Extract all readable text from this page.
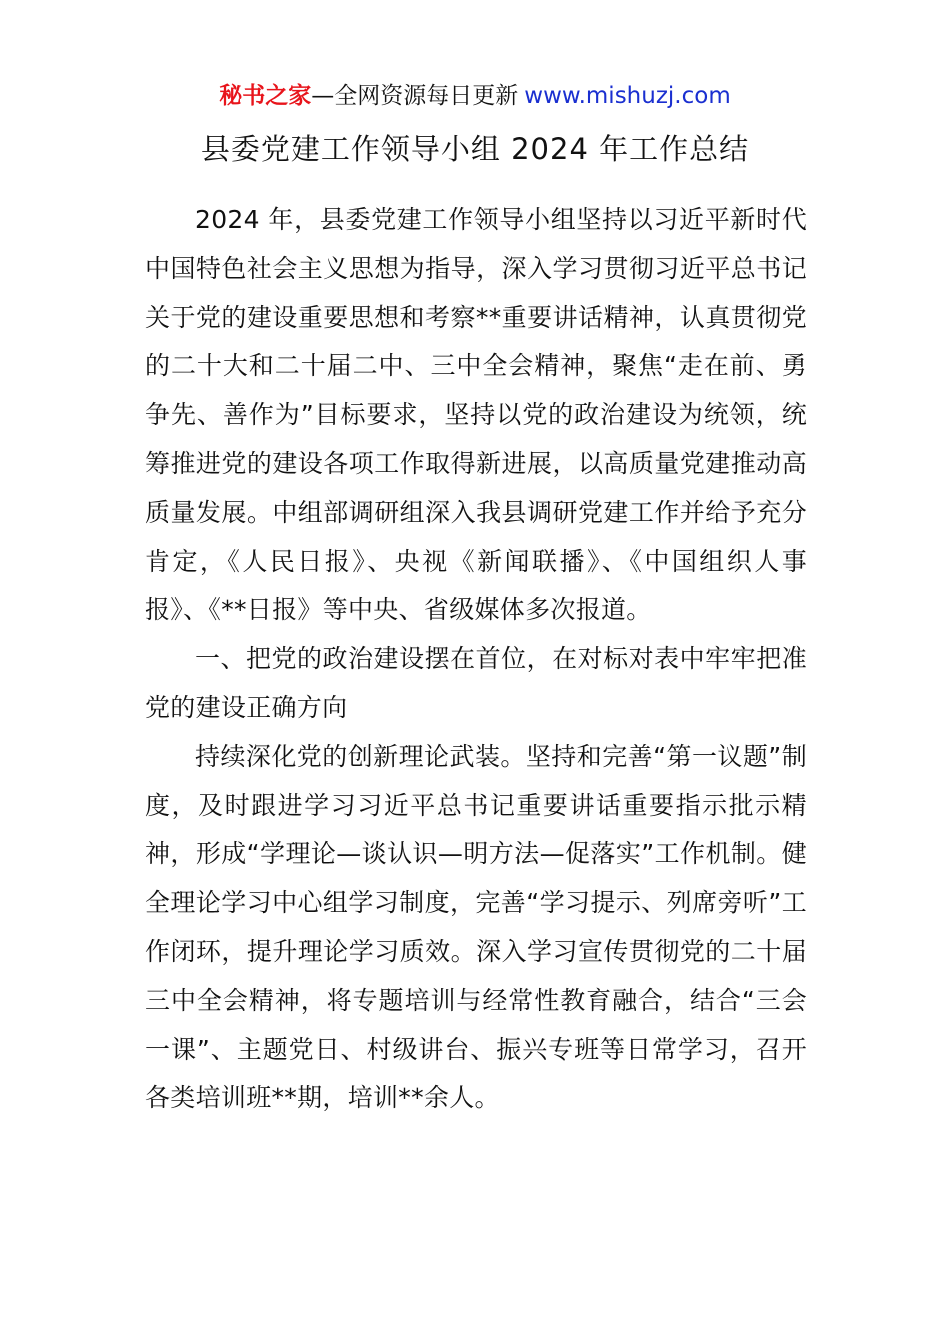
秘书之家—全网资源每日更新 www.mishuzj.com
县委党建工作领导小组 2024 年工作总结

2024 年，县委党建工作领导小组坚持以习近平新时代中国特色社会主义思想为指导，深入学习贯彻习近平总书记关于党的建设重要思想和考察**重要讲话精神，认真贯彻党的二十大和二十届二中、三中全会精神，聚焦“走在前、勇争先、善作为”目标要求，坚持以党的政治建设为统领，统筹推进党的建设各项工作取得新进展，以高质量党建推动高质量发展。中组部调研组深入我县调研党建工作并给予充分肯定，《人民日报》、央视《新闻联播》、《中国组织人事报》、《**日报》等中央、省级媒体多次报道。

一、把党的政治建设摆在首位，在对标对表中牢牢把准党的建设正确方向

持续深化党的创新理论武装。坚持和完善“第一议题”制度，及时跟进学习习近平总书记重要讲话重要指示批示精神，形成“学理论—谈认识—明方法—促落实”工作机制。健全理论学习中心组学习制度，完善“学习提示、列席旁听”工作闭环，提升理论学习质效。深入学习宣传贯彻党的二十届三中全会精神，将专题培训与经常性教育融合，结合“三会一课”、主题党日、村级讲台、振兴专班等日常学习，召开各类培训班**期，培训**余人。
